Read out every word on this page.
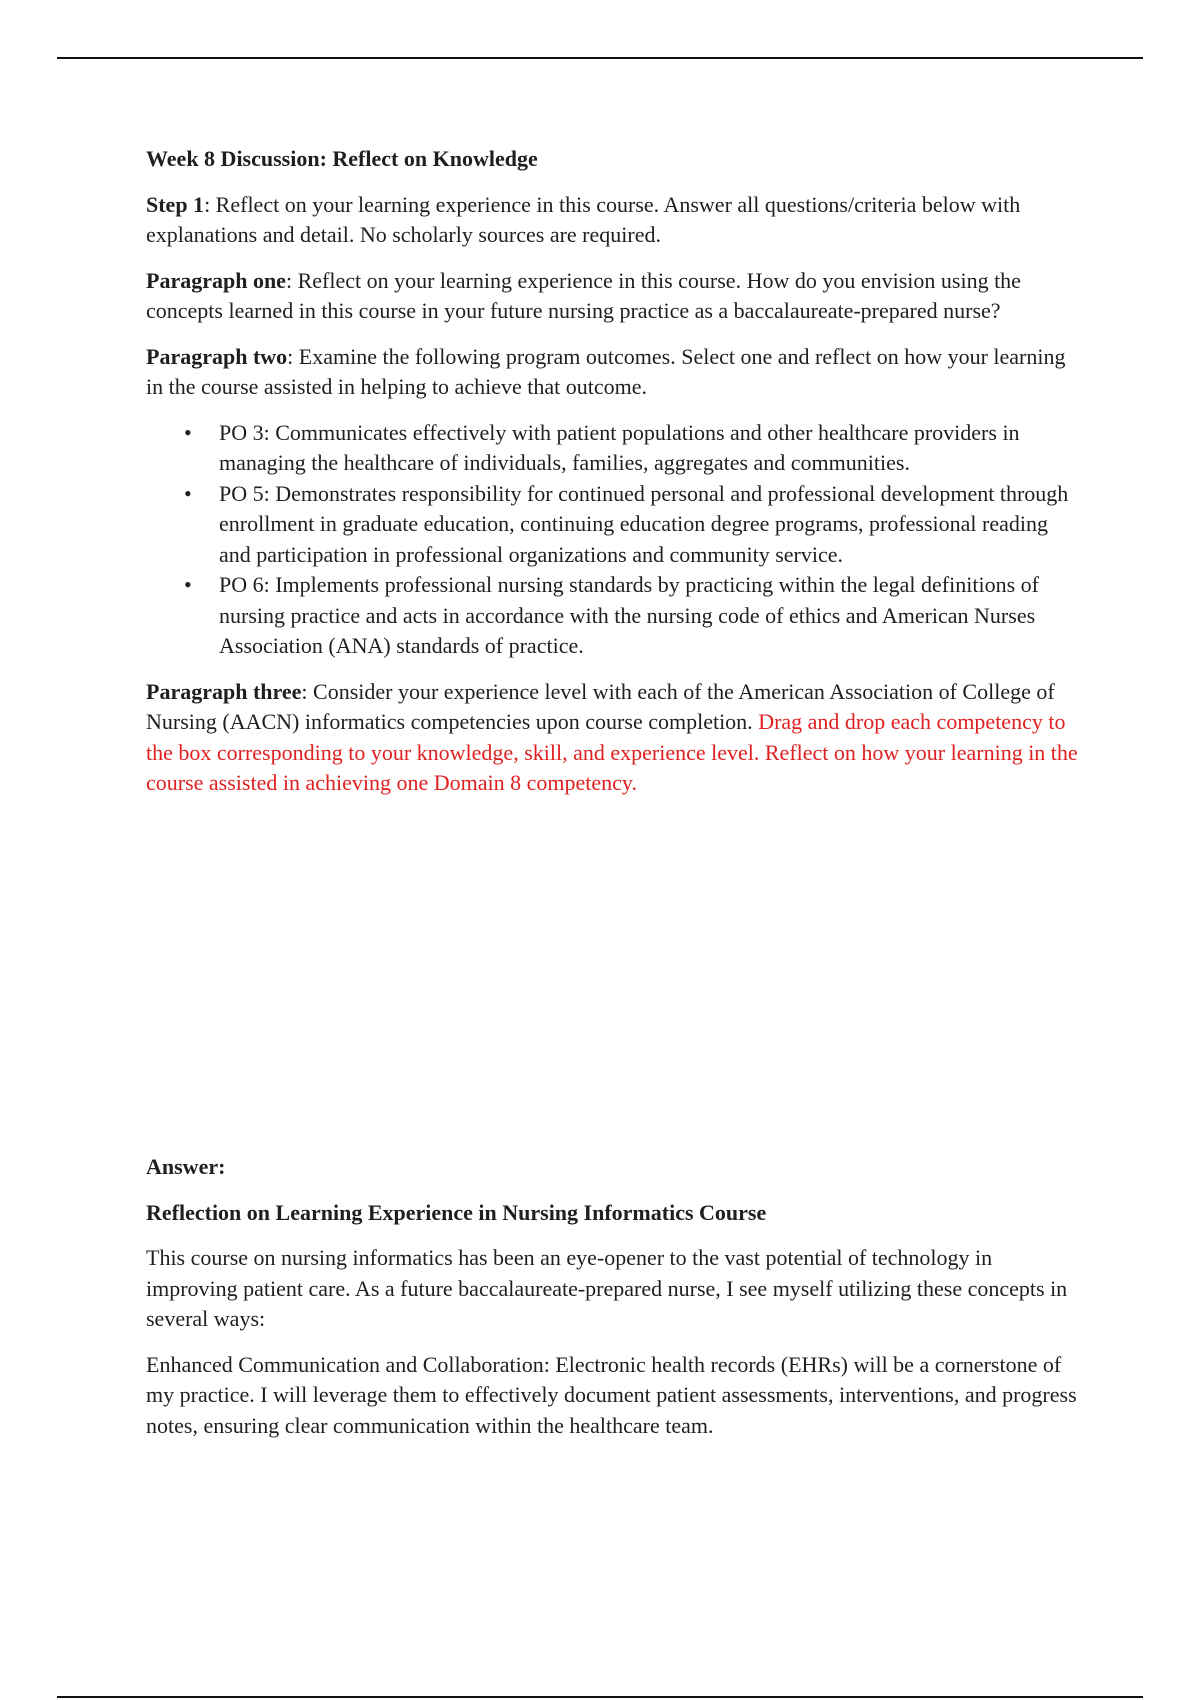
Week 8 Discussion: Reflect on Knowledge

Step 1: Reflect on your learning experience in this course. Answer all questions/criteria below with explanations and detail. No scholarly sources are required.

Paragraph one: Reflect on your learning experience in this course. How do you envision using the concepts learned in this course in your future nursing practice as a baccalaureate-prepared nurse?

Paragraph two: Examine the following program outcomes. Select one and reflect on how your learning in the course assisted in helping to achieve that outcome.

• PO 3: Communicates effectively with patient populations and other healthcare providers in managing the healthcare of individuals, families, aggregates and communities.
• PO 5: Demonstrates responsibility for continued personal and professional development through enrollment in graduate education, continuing education degree programs, professional reading and participation in professional organizations and community service.
• PO 6: Implements professional nursing standards by practicing within the legal definitions of nursing practice and acts in accordance with the nursing code of ethics and American Nurses Association (ANA) standards of practice.

Paragraph three: Consider your experience level with each of the American Association of College of Nursing (AACN) informatics competencies upon course completion. Drag and drop each competency to the box corresponding to your knowledge, skill, and experience level. Reflect on how your learning in the course assisted in achieving one Domain 8 competency.

Answer:

Reflection on Learning Experience in Nursing Informatics Course

This course on nursing informatics has been an eye-opener to the vast potential of technology in improving patient care. As a future baccalaureate-prepared nurse, I see myself utilizing these concepts in several ways:

Enhanced Communication and Collaboration: Electronic health records (EHRs) will be a cornerstone of my practice. I will leverage them to effectively document patient assessments, interventions, and progress notes, ensuring clear communication within the healthcare team.
